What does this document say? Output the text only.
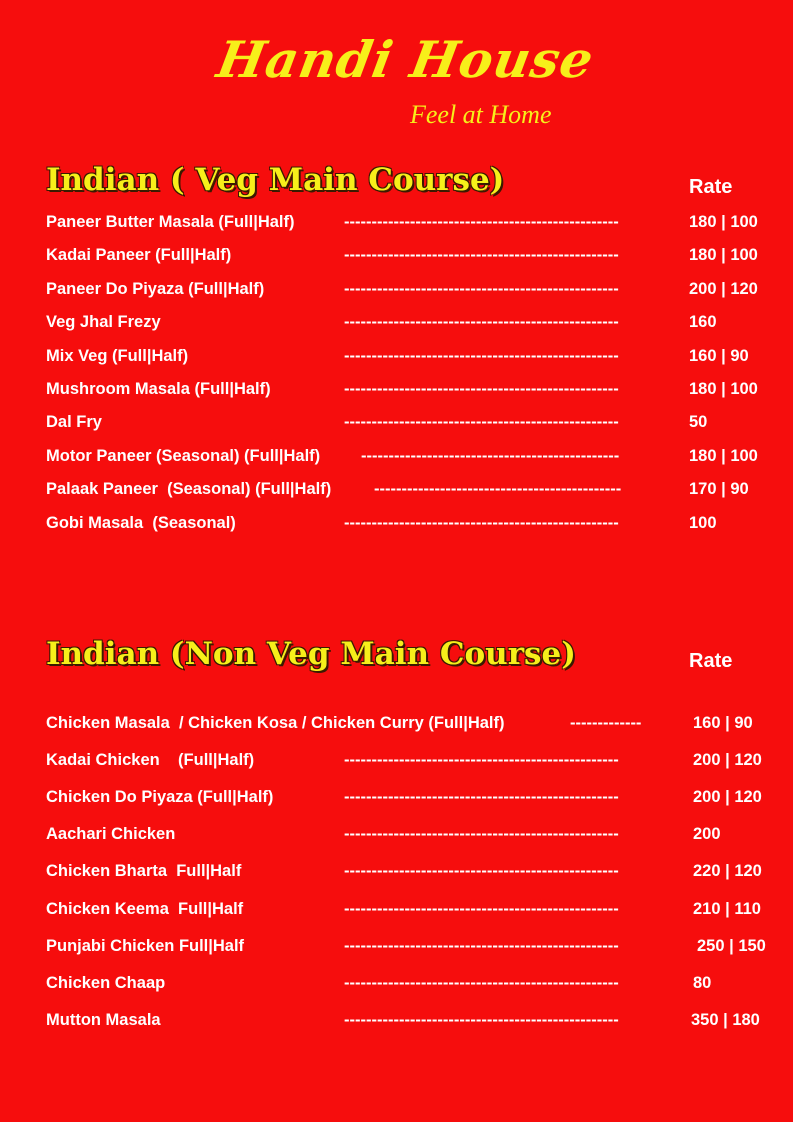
Handi House
Feel at Home
Indian ( Veg Main Course)	Rate
Paneer Butter Masala (Full|Half)	--------------------------------------------------	180 | 100
Kadai Paneer (Full|Half)	--------------------------------------------------	180 | 100
Paneer Do Piyaza (Full|Half)	--------------------------------------------------	200 | 120
Veg Jhal Frezy	--------------------------------------------------	160
Mix Veg (Full|Half)	--------------------------------------------------	160 | 90
Mushroom Masala (Full|Half)	--------------------------------------------------	180 | 100
Dal Fry	--------------------------------------------------	50
Motor Paneer (Seasonal) (Full|Half) -----------------------------------------------	180 | 100
Palaak Paneer  (Seasonal) (Full|Half)	---------------------------------------------	170 | 90
Gobi Masala  (Seasonal)	--------------------------------------------------	100
Indian (Non Veg Main Course)	Rate
Chicken Masala  / Chicken Kosa / Chicken Curry (Full|Half)	-------------	160 | 90
Kadai Chicken    (Full|Half)	--------------------------------------------------	200 | 120
Chicken Do Piyaza (Full|Half)	--------------------------------------------------	200 | 120
Aachari Chicken	--------------------------------------------------	200
Chicken Bharta  Full|Half	--------------------------------------------------	220 | 120
Chicken Keema  Full|Half	--------------------------------------------------	210 | 110
Punjabi Chicken Full|Half	--------------------------------------------------	250 | 150
Chicken Chaap	--------------------------------------------------	80
Mutton Masala	--------------------------------------------------	350 | 180
